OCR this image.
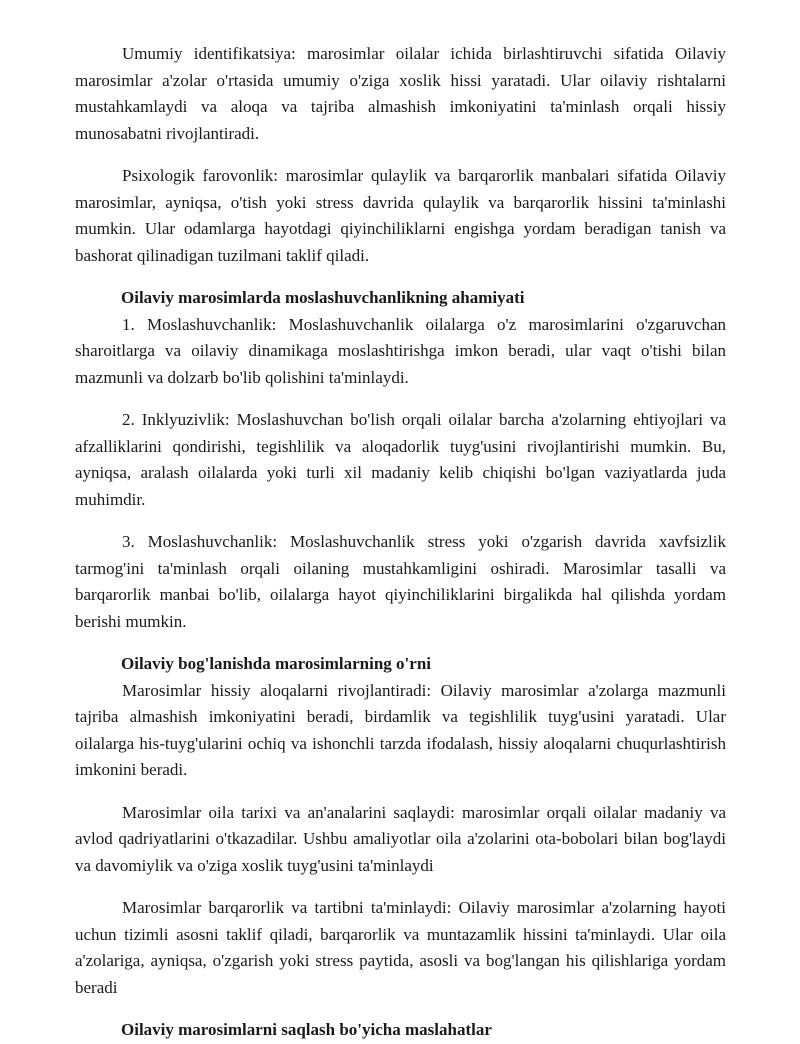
Umumiy identifikatsiya: marosimlar oilalar ichida birlashtiruvchi sifatida Oilaviy marosimlar a'zolar o'rtasida umumiy o'ziga xoslik hissi yaratadi. Ular oilaviy rishtalarni mustahkamlaydi va aloqa va tajriba almashish imkoniyatini ta'minlash orqali hissiy munosabatni rivojlantiradi.

Psixologik farovonlik: marosimlar qulaylik va barqarorlik manbalari sifatida Oilaviy marosimlar, ayniqsa, o'tish yoki stress davrida qulaylik va barqarorlik hissini ta'minlashi mumkin. Ular odamlarga hayotdagi qiyinchiliklarni engishga yordam beradigan tanish va bashorat qilinadigan tuzilmani taklif qiladi.

Oilaviy marosimlarda moslashuvchanlikning ahamiyati

1. Moslashuvchanlik: Moslashuvchanlik oilalarga o'z marosimlarini o'zgaruvchan sharoitlarga va oilaviy dinamikaga moslashtirishga imkon beradi, ular vaqt o'tishi bilan mazmunli va dolzarb bo'lib qolishini ta'minlaydi.

2. Inklyuzivlik: Moslashuvchan bo'lish orqali oilalar barcha a'zolarning ehtiyojlari va afzalliklarini qondirishi, tegishlilik va aloqadorlik tuyg'usini rivojlantirishi mumkin. Bu, ayniqsa, aralash oilalarda yoki turli xil madaniy kelib chiqishi bo'lgan vaziyatlarda juda muhimdir.

3. Moslashuvchanlik: Moslashuvchanlik stress yoki o'zgarish davrida xavfsizlik tarmog'ini ta'minlash orqali oilaning mustahkamligini oshiradi. Marosimlar tasalli va barqarorlik manbai bo'lib, oilalarga hayot qiyinchiliklarini birgalikda hal qilishda yordam berishi mumkin.

Oilaviy bog'lanishda marosimlarning o'rni

Marosimlar hissiy aloqalarni rivojlantiradi: Oilaviy marosimlar a'zolarga mazmunli tajriba almashish imkoniyatini beradi, birdamlik va tegishlilik tuyg'usini yaratadi. Ular oilalarga his-tuyg'ularini ochiq va ishonchli tarzda ifodalash, hissiy aloqalarni chuqurlashtirish imkonini beradi.

Marosimlar oila tarixi va an'analarini saqlaydi: marosimlar orqali oilalar madaniy va avlod qadriyatlarini o'tkazadilar. Ushbu amaliyotlar oila a'zolarini ota-bobolari bilan bog'laydi va davomiylik va o'ziga xoslik tuyg'usini ta'minlaydi

Marosimlar barqarorlik va tartibni ta'minlaydi: Oilaviy marosimlar a'zolarning hayoti uchun tizimli asosni taklif qiladi, barqarorlik va muntazamlik hissini ta'minlaydi. Ular oila a'zolariga, ayniqsa, o'zgarish yoki stress paytida, asosli va bog'langan his qilishlariga yordam beradi

Oilaviy marosimlarni saqlash bo'yicha maslahatlar
